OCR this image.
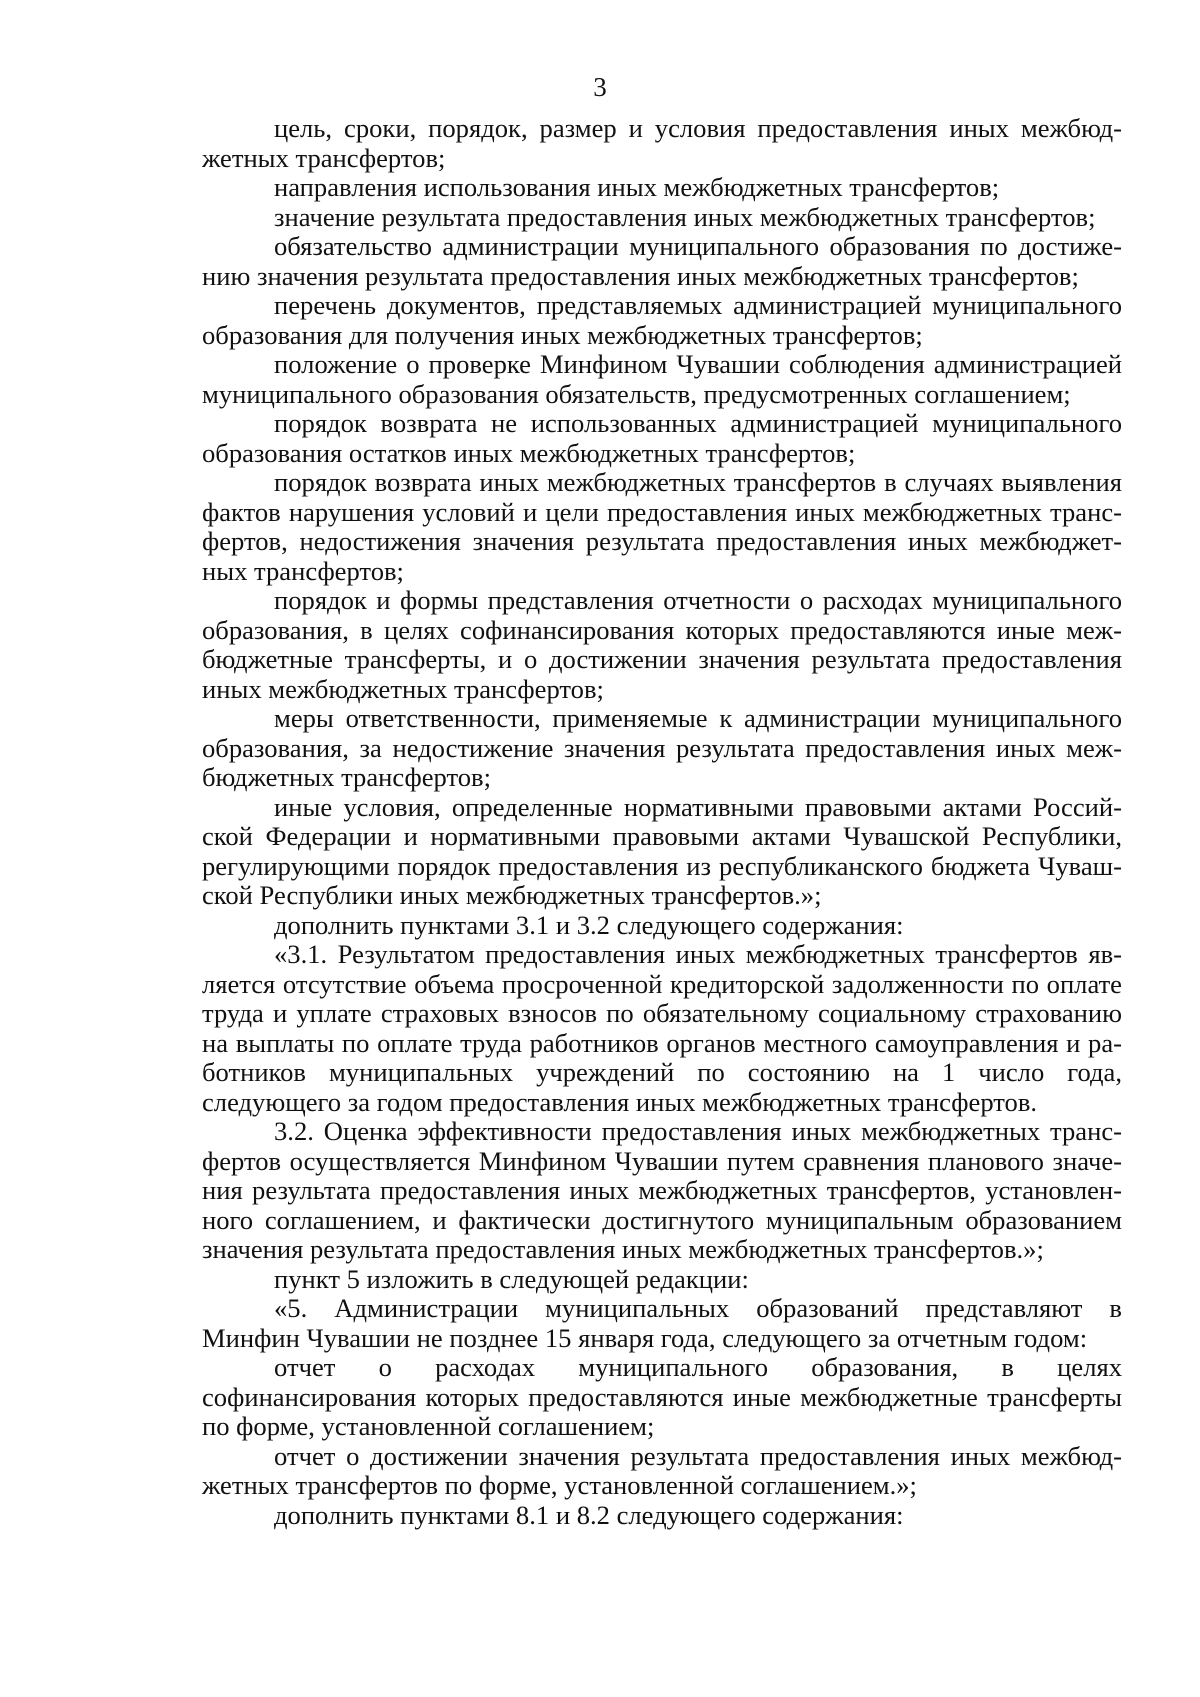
3

цель, сроки, порядок, размер и условия предоставления иных межбюджетных трансфертов;

направления использования иных межбюджетных трансфертов;

значение результата предоставления иных межбюджетных трансфертов;

обязательство администрации муниципального образования по достижению значения результата предоставления иных межбюджетных трансфертов;

перечень документов, представляемых администрацией муниципального образования для получения иных межбюджетных трансфертов;

положение о проверке Минфином Чувашии соблюдения администрацией муниципального образования обязательств, предусмотренных соглашением;

порядок возврата не использованных администрацией муниципального образования остатков иных межбюджетных трансфертов;

порядок возврата иных межбюджетных трансфертов в случаях выявления фактов нарушения условий и цели предоставления иных межбюджетных трансфертов, недостижения значения результата предоставления иных межбюджетных трансфертов;

порядок и формы представления отчетности о расходах муниципального образования, в целях софинансирования которых предоставляются иные межбюджетные трансферты, и о достижении значения результата предоставления иных межбюджетных трансфертов;

меры ответственности, применяемые к администрации муниципального образования, за недостижение значения результата предоставления иных межбюджетных трансфертов;

иные условия, определенные нормативными правовыми актами Российской Федерации и нормативными правовыми актами Чувашской Республики, регулирующими порядок предоставления из республиканского бюджета Чувашской Республики иных межбюджетных трансфертов.»;

дополнить пунктами 3.1 и 3.2 следующего содержания:

«3.1. Результатом предоставления иных межбюджетных трансфертов является отсутствие объема просроченной кредиторской задолженности по оплате труда и уплате страховых взносов по обязательному социальному страхованию на выплаты по оплате труда работников органов местного самоуправления и работников муниципальных учреждений по состоянию на 1 число года, следующего за годом предоставления иных межбюджетных трансфертов.

3.2. Оценка эффективности предоставления иных межбюджетных трансфертов осуществляется Минфином Чувашии путем сравнения планового значения результата предоставления иных межбюджетных трансфертов, установленного соглашением, и фактически достигнутого муниципальным образованием значения результата предоставления иных межбюджетных трансфертов.»;

пункт 5 изложить в следующей редакции:

«5. Администрации муниципальных образований представляют в Минфин Чувашии не позднее 15 января года, следующего за отчетным годом:

отчет о расходах муниципального образования, в целях софинансирования которых предоставляются иные межбюджетные трансферты по форме, установленной соглашением;

отчет о достижении значения результата предоставления иных межбюджетных трансфертов по форме, установленной соглашением.»;

дополнить пунктами 8.1 и 8.2 следующего содержания:
